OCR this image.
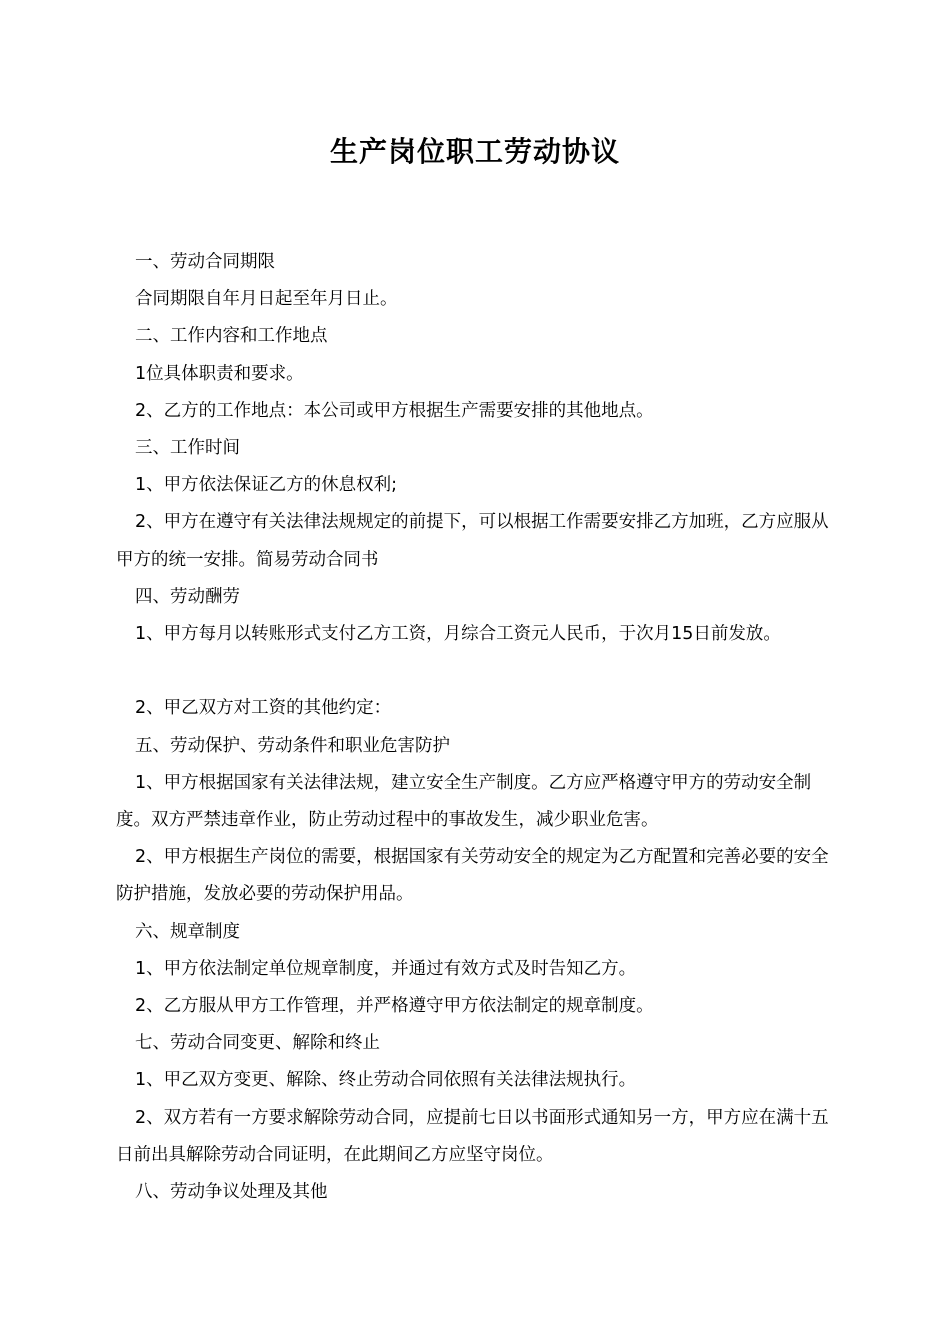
生产岗位职工劳动协议

一、劳动合同期限

合同期限自年月日起至年月日止。

二、工作内容和工作地点

1位具体职责和要求。

2、乙方的工作地点：本公司或甲方根据生产需要安排的其他地点。

三、工作时间

1、甲方依法保证乙方的休息权利;

2、甲方在遵守有关法律法规规定的前提下，可以根据工作需要安排乙方加班，乙方应服从甲方的统一安排。简易劳动合同书

四、劳动酬劳

1、甲方每月以转账形式支付乙方工资，月综合工资元人民币，于次月15日前发放。

2、甲乙双方对工资的其他约定：

五、劳动保护、劳动条件和职业危害防护

1、甲方根据国家有关法律法规，建立安全生产制度。乙方应严格遵守甲方的劳动安全制度。双方严禁违章作业，防止劳动过程中的事故发生，减少职业危害。

2、甲方根据生产岗位的需要，根据国家有关劳动安全的规定为乙方配置和完善必要的安全防护措施，发放必要的劳动保护用品。

六、规章制度

1、甲方依法制定单位规章制度，并通过有效方式及时告知乙方。

2、乙方服从甲方工作管理，并严格遵守甲方依法制定的规章制度。

七、劳动合同变更、解除和终止

1、甲乙双方变更、解除、终止劳动合同依照有关法律法规执行。

2、双方若有一方要求解除劳动合同，应提前七日以书面形式通知另一方，甲方应在满十五日前出具解除劳动合同证明，在此期间乙方应坚守岗位。

八、劳动争议处理及其他
